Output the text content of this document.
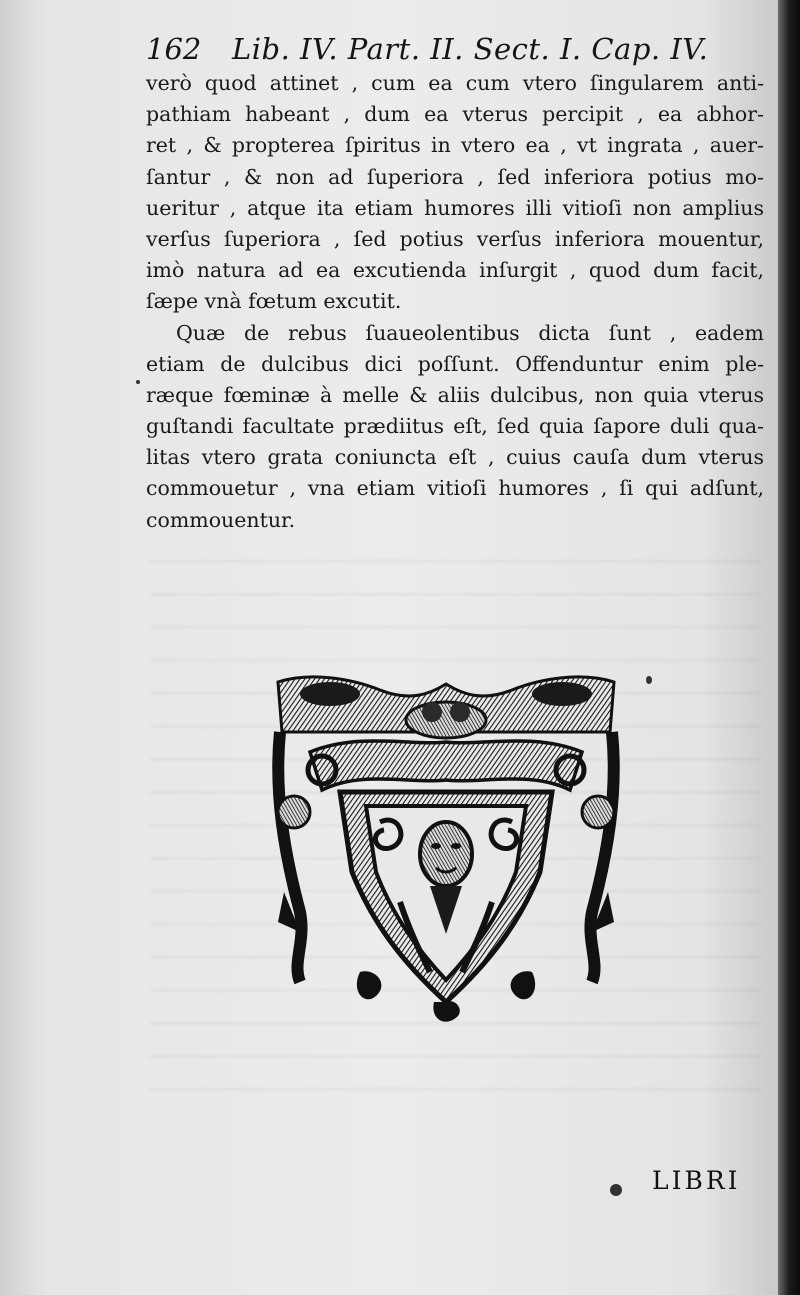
162 Lib. IV. Part. II. Sect. I. Cap. IV.
verò quod attinet , cum ea cum vtero ſingularem anti-
pathiam habeant , dum ea vterus percipit , ea abhor-
ret , & propterea ſpiritus in vtero ea , vt ingrata , auer-
ſantur , & non ad ſuperiora , ſed inferiora potius mo-
ueritur , atque ita etiam humores illi vitioſi non amplius
verſus ſuperiora , ſed potius verſus inferiora mouentur,
imò natura ad ea excutienda inſurgit , quod dum facit,
ſæpe vnà fœtum excutit.
Quæ de rebus ſuaueolentibus dicta ſunt , eadem
etiam de dulcibus dici poſſunt. Offenduntur enim ple-
ræque fœminæ à melle & aliis dulcibus, non quia vterus
guſtandi facultate prædiitus eſt, ſed quia ſapore duli qua-
litas vtero grata coniuncta eſt , cuius cauſa dum vterus
commouetur , vna etiam vitioſi humores , ſi qui adſunt,
commouentur.
LIBRI
